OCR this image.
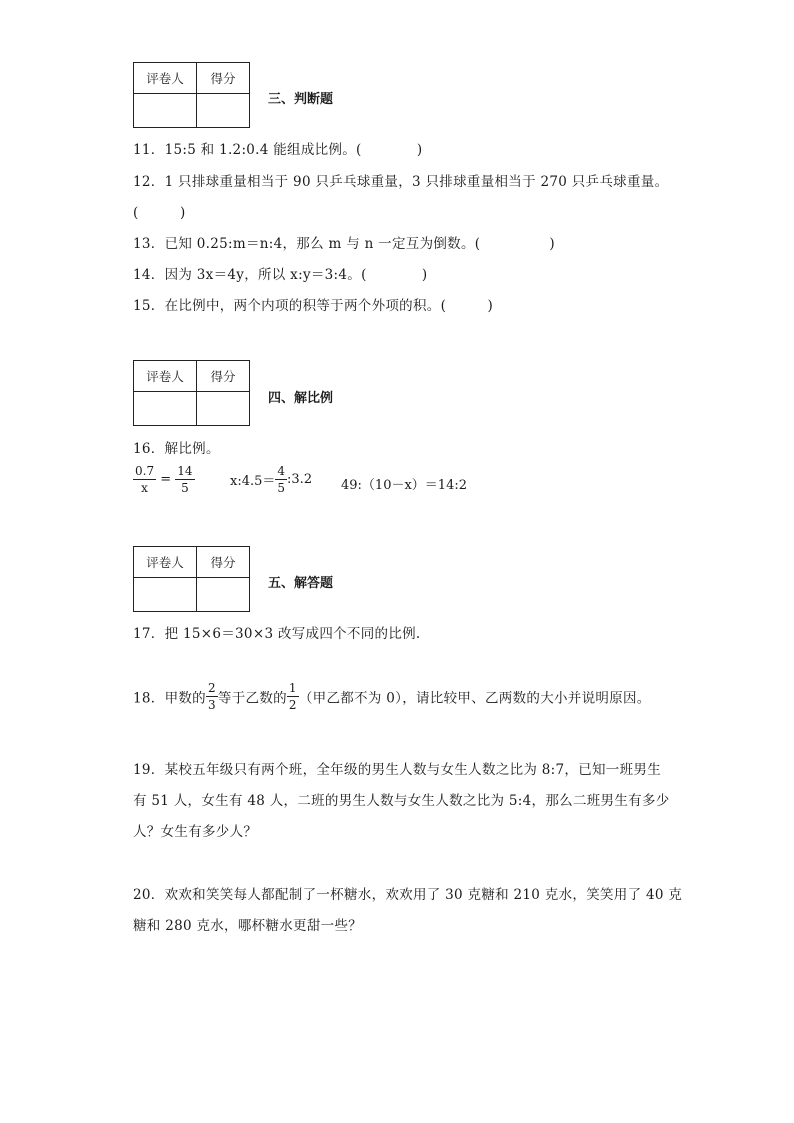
评卷人	得分

三、判断题
11．15:5 和 1.2:0.4 能组成比例。(　　　　)
12．1 只排球重量相当于 90 只乒乓球重量，3 只排球重量相当于 270 只乒乓球重量。
(　　　)
13．已知 0.25:m＝n:4，那么 m 与 n 一定互为倒数。(　　　　　)
14．因为 3x＝4y，所以 x:y＝3:4。(　　　　)
15．在比例中，两个内项的积等于两个外项的积。(　　　)
评卷人	得分

四、解比例
16．解比例。
$\frac{0.7}{x} = \frac{14}{5}$	x:4.5＝ $\frac{4}{5}$ :3.2 49:（10－x）＝14:2
评卷人	得分

五、解答题
17．把 15×6＝30×3 改写成四个不同的比例.
18．甲数的 $\frac{2}{3}$ 等于乙数的 $\frac{1}{2}$ （甲乙都不为 0），请比较甲、乙两数的大小并说明原因。
19．某校五年级只有两个班，全年级的男生人数与女生人数之比为 8:7，已知一班男生
有 51 人，女生有 48 人，二班的男生人数与女生人数之比为 5:4，那么二班男生有多少
人？女生有多少人？
20．欢欢和笑笑每人都配制了一杯糖水，欢欢用了 30 克糖和 210 克水，笑笑用了 40 克
糖和 280 克水，哪杯糖水更甜一些？
